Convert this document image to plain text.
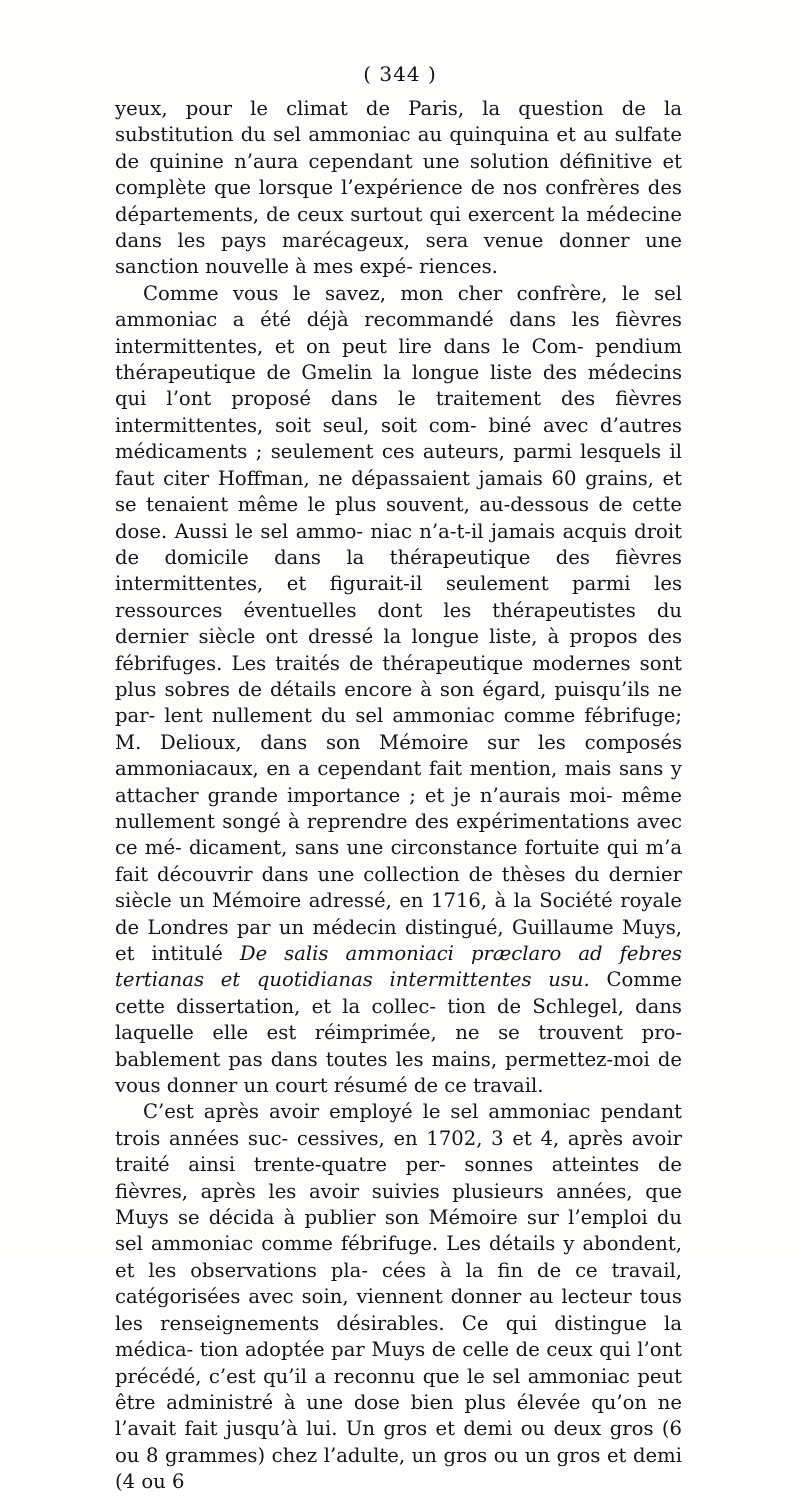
( 344 )

yeux, pour le climat de Paris, la question de la substitution du sel ammoniac au quinquina et au sulfate de quinine n’aura cependant une solution définitive et complète que lorsque l’expérience de nos confrères des départements, de ceux surtout qui exercent la médecine dans les pays marécageux, sera venue donner une sanction nouvelle à mes expé- riences.

Comme vous le savez, mon cher confrère, le sel ammoniac a été déjà recommandé dans les fièvres intermittentes, et on peut lire dans le Com- pendium thérapeutique de Gmelin la longue liste des médecins qui l’ont proposé dans le traitement des fièvres intermittentes, soit seul, soit com- biné avec d’autres médicaments ; seulement ces auteurs, parmi lesquels il faut citer Hoffman, ne dépassaient jamais 60 grains, et se tenaient même le plus souvent, au-dessous de cette dose. Aussi le sel ammo- niac n’a-t-il jamais acquis droit de domicile dans la thérapeutique des fièvres intermittentes, et figurait-il seulement parmi les ressources éventuelles dont les thérapeutistes du dernier siècle ont dressé la longue liste, à propos des fébrifuges. Les traités de thérapeutique modernes sont plus sobres de détails encore à son égard, puisqu’ils ne par- lent nullement du sel ammoniac comme fébrifuge; M. Delioux, dans son Mémoire sur les composés ammoniacaux, en a cependant fait mention, mais sans y attacher grande importance ; et je n’aurais moi- même nullement songé à reprendre des expérimentations avec ce mé- dicament, sans une circonstance fortuite qui m’a fait découvrir dans une collection de thèses du dernier siècle un Mémoire adressé, en 1716, à la Société royale de Londres par un médecin distingué, Guillaume Muys, et intitulé De salis ammoniaci præclaro ad febres tertianas et quotidianas intermittentes usu. Comme cette dissertation, et la collec- tion de Schlegel, dans laquelle elle est réimprimée, ne se trouvent pro- bablement pas dans toutes les mains, permettez-moi de vous donner un court résumé de ce travail.

C’est après avoir employé le sel ammoniac pendant trois années suc- cessives, en 1702, 3 et 4, après avoir traité ainsi trente-quatre per- sonnes atteintes de fièvres, après les avoir suivies plusieurs années, que Muys se décida à publier son Mémoire sur l’emploi du sel ammoniac comme fébrifuge. Les détails y abondent, et les observations pla- cées à la fin de ce travail, catégorisées avec soin, viennent donner au lecteur tous les renseignements désirables. Ce qui distingue la médica- tion adoptée par Muys de celle de ceux qui l’ont précédé, c’est qu’il a reconnu que le sel ammoniac peut être administré à une dose bien plus élevée qu’on ne l’avait fait jusqu’à lui. Un gros et demi ou deux gros (6 ou 8 grammes) chez l’adulte, un gros ou un gros et demi (4 ou 6
